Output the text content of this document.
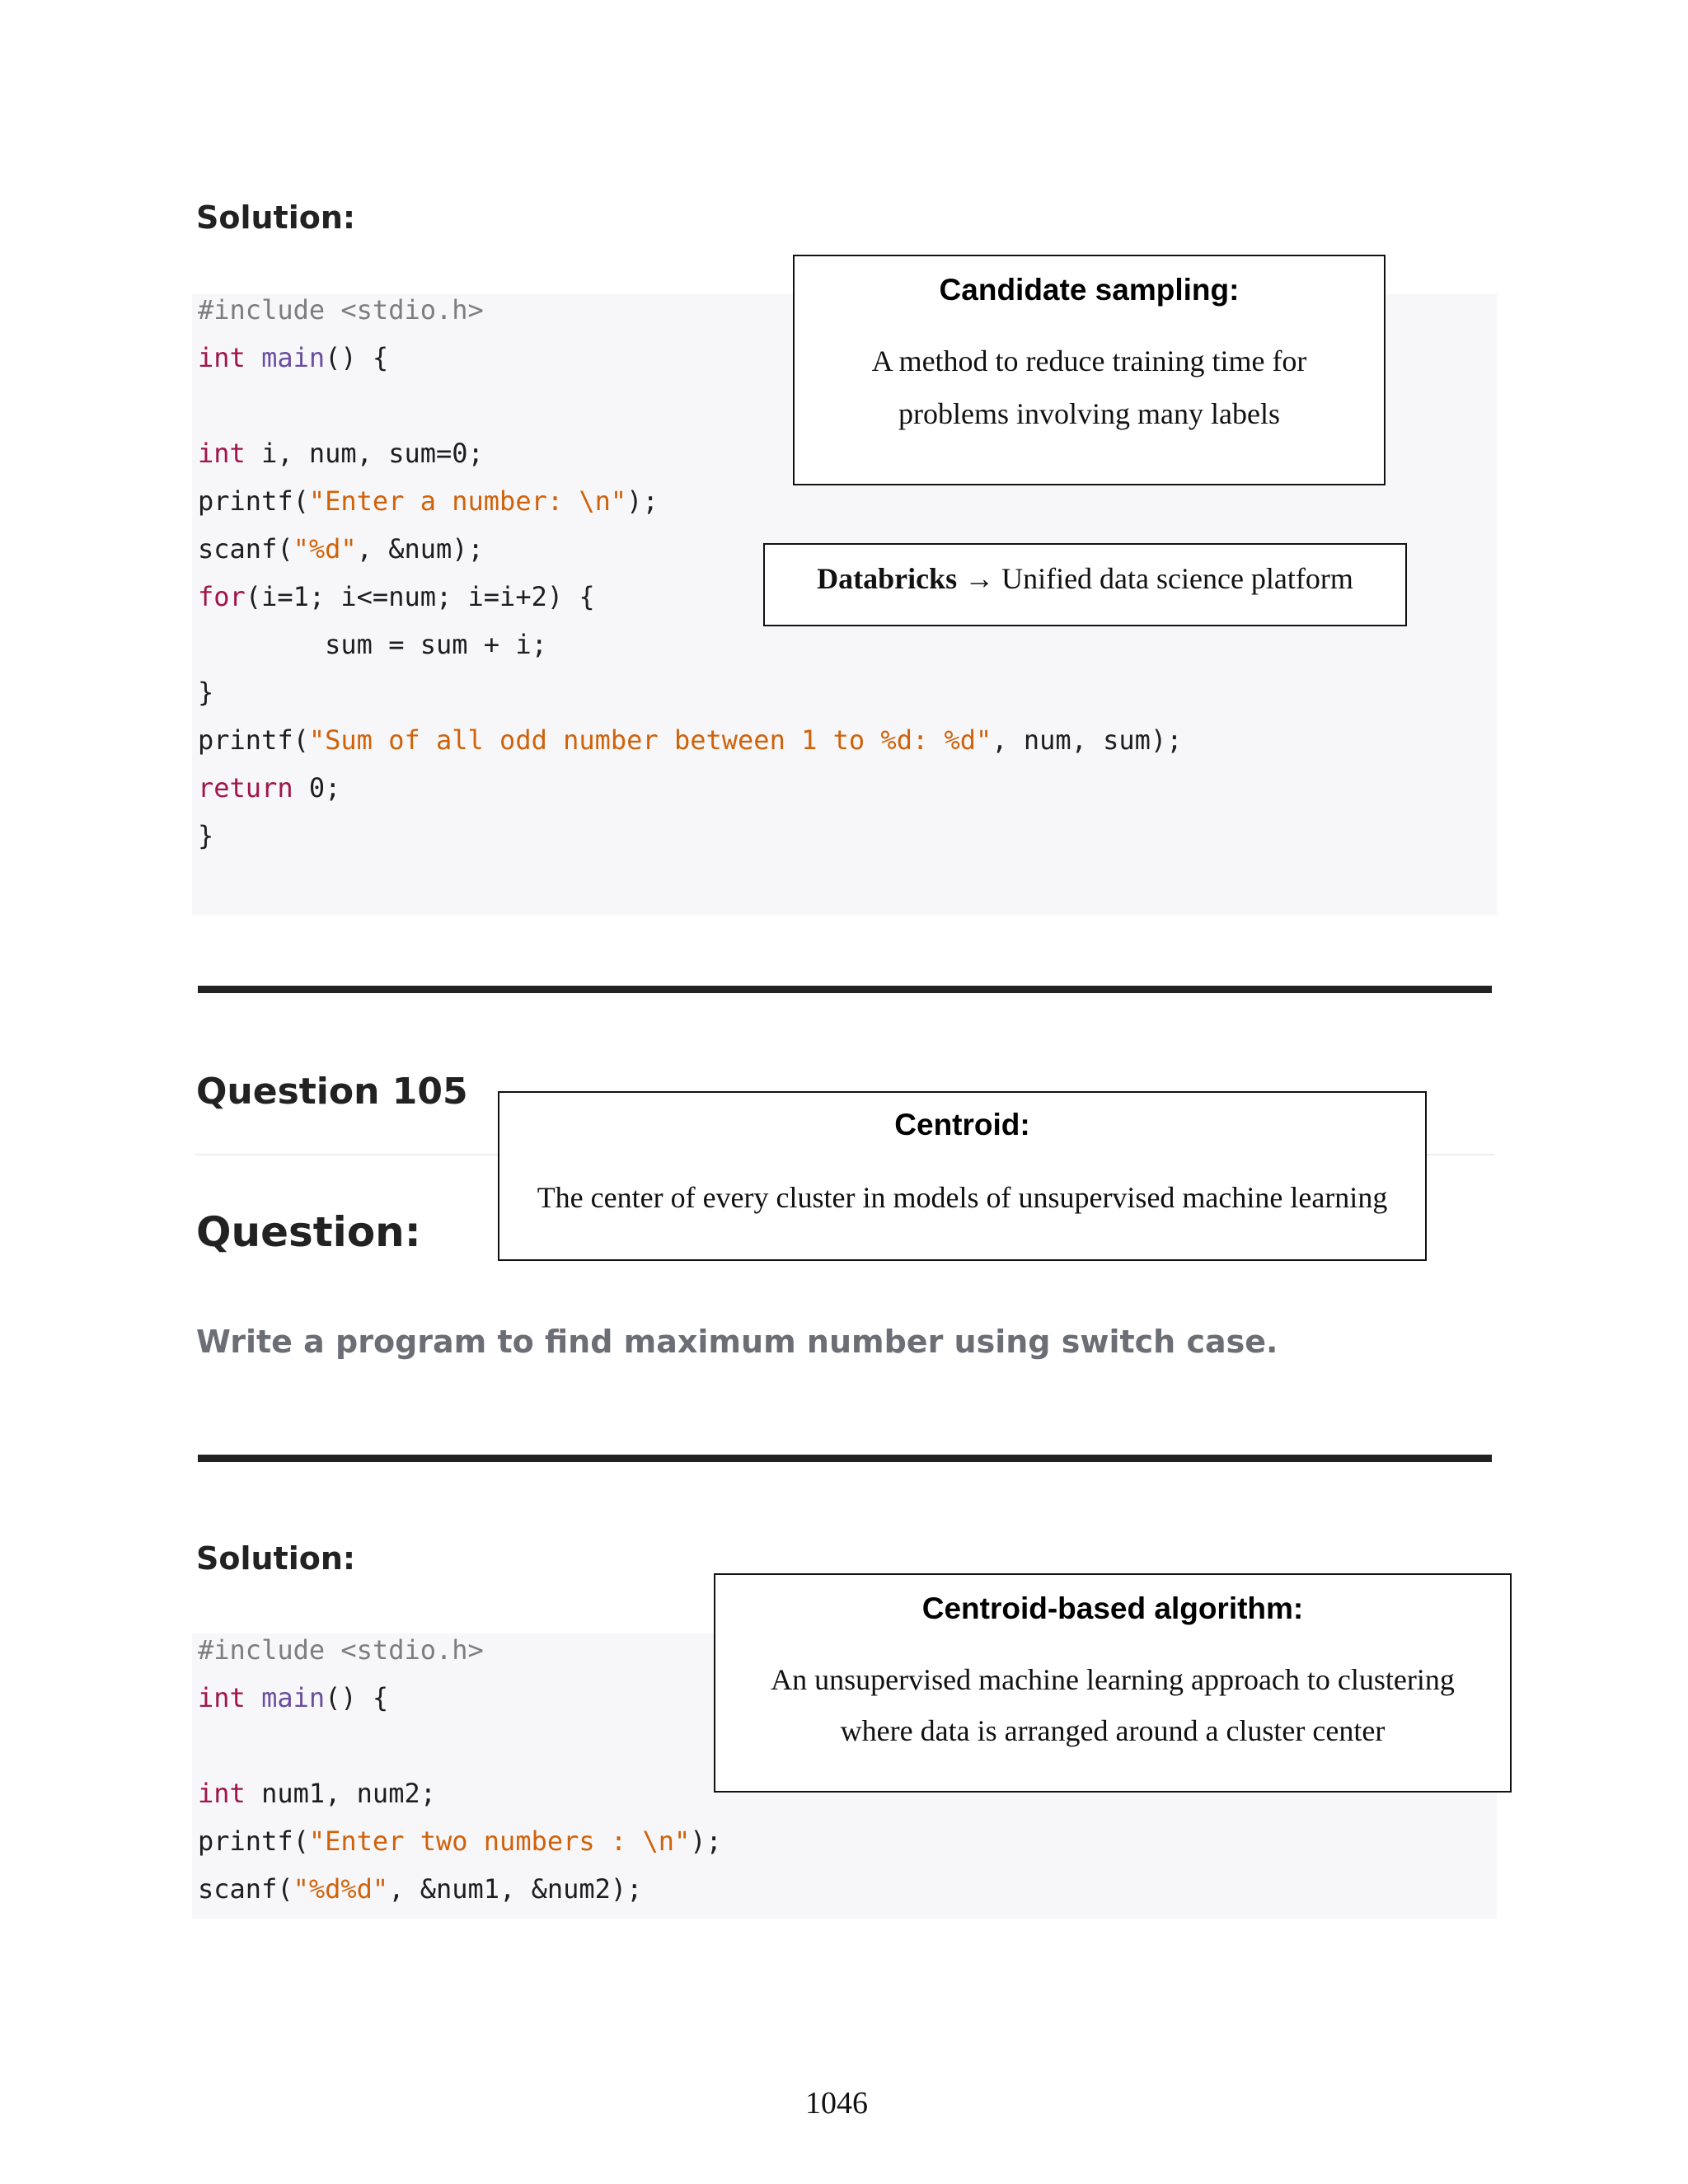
Solution:
#include <stdio.h>
int main() {
int i, num, sum=0;
printf("Enter a number: \n");
scanf("%d", &num);
for(i=1; i<=num; i=i+2) {
sum = sum + i;
}
printf("Sum of all odd number between 1 to %d: %d", num, sum);
return 0;
}
Candidate sampling:
A method to reduce training time for
problems involving many labels
Databricks → Unified data science platform
Question 105
Question:
Write a program to find maximum number using switch case.
Centroid:
The center of every cluster in models of unsupervised machine learning
Solution:
#include <stdio.h>
int main() {
int num1, num2;
printf("Enter two numbers : \n");
scanf("%d%d", &num1, &num2);
Centroid-based algorithm:
An unsupervised machine learning approach to clustering
where data is arranged around a cluster center
1046
